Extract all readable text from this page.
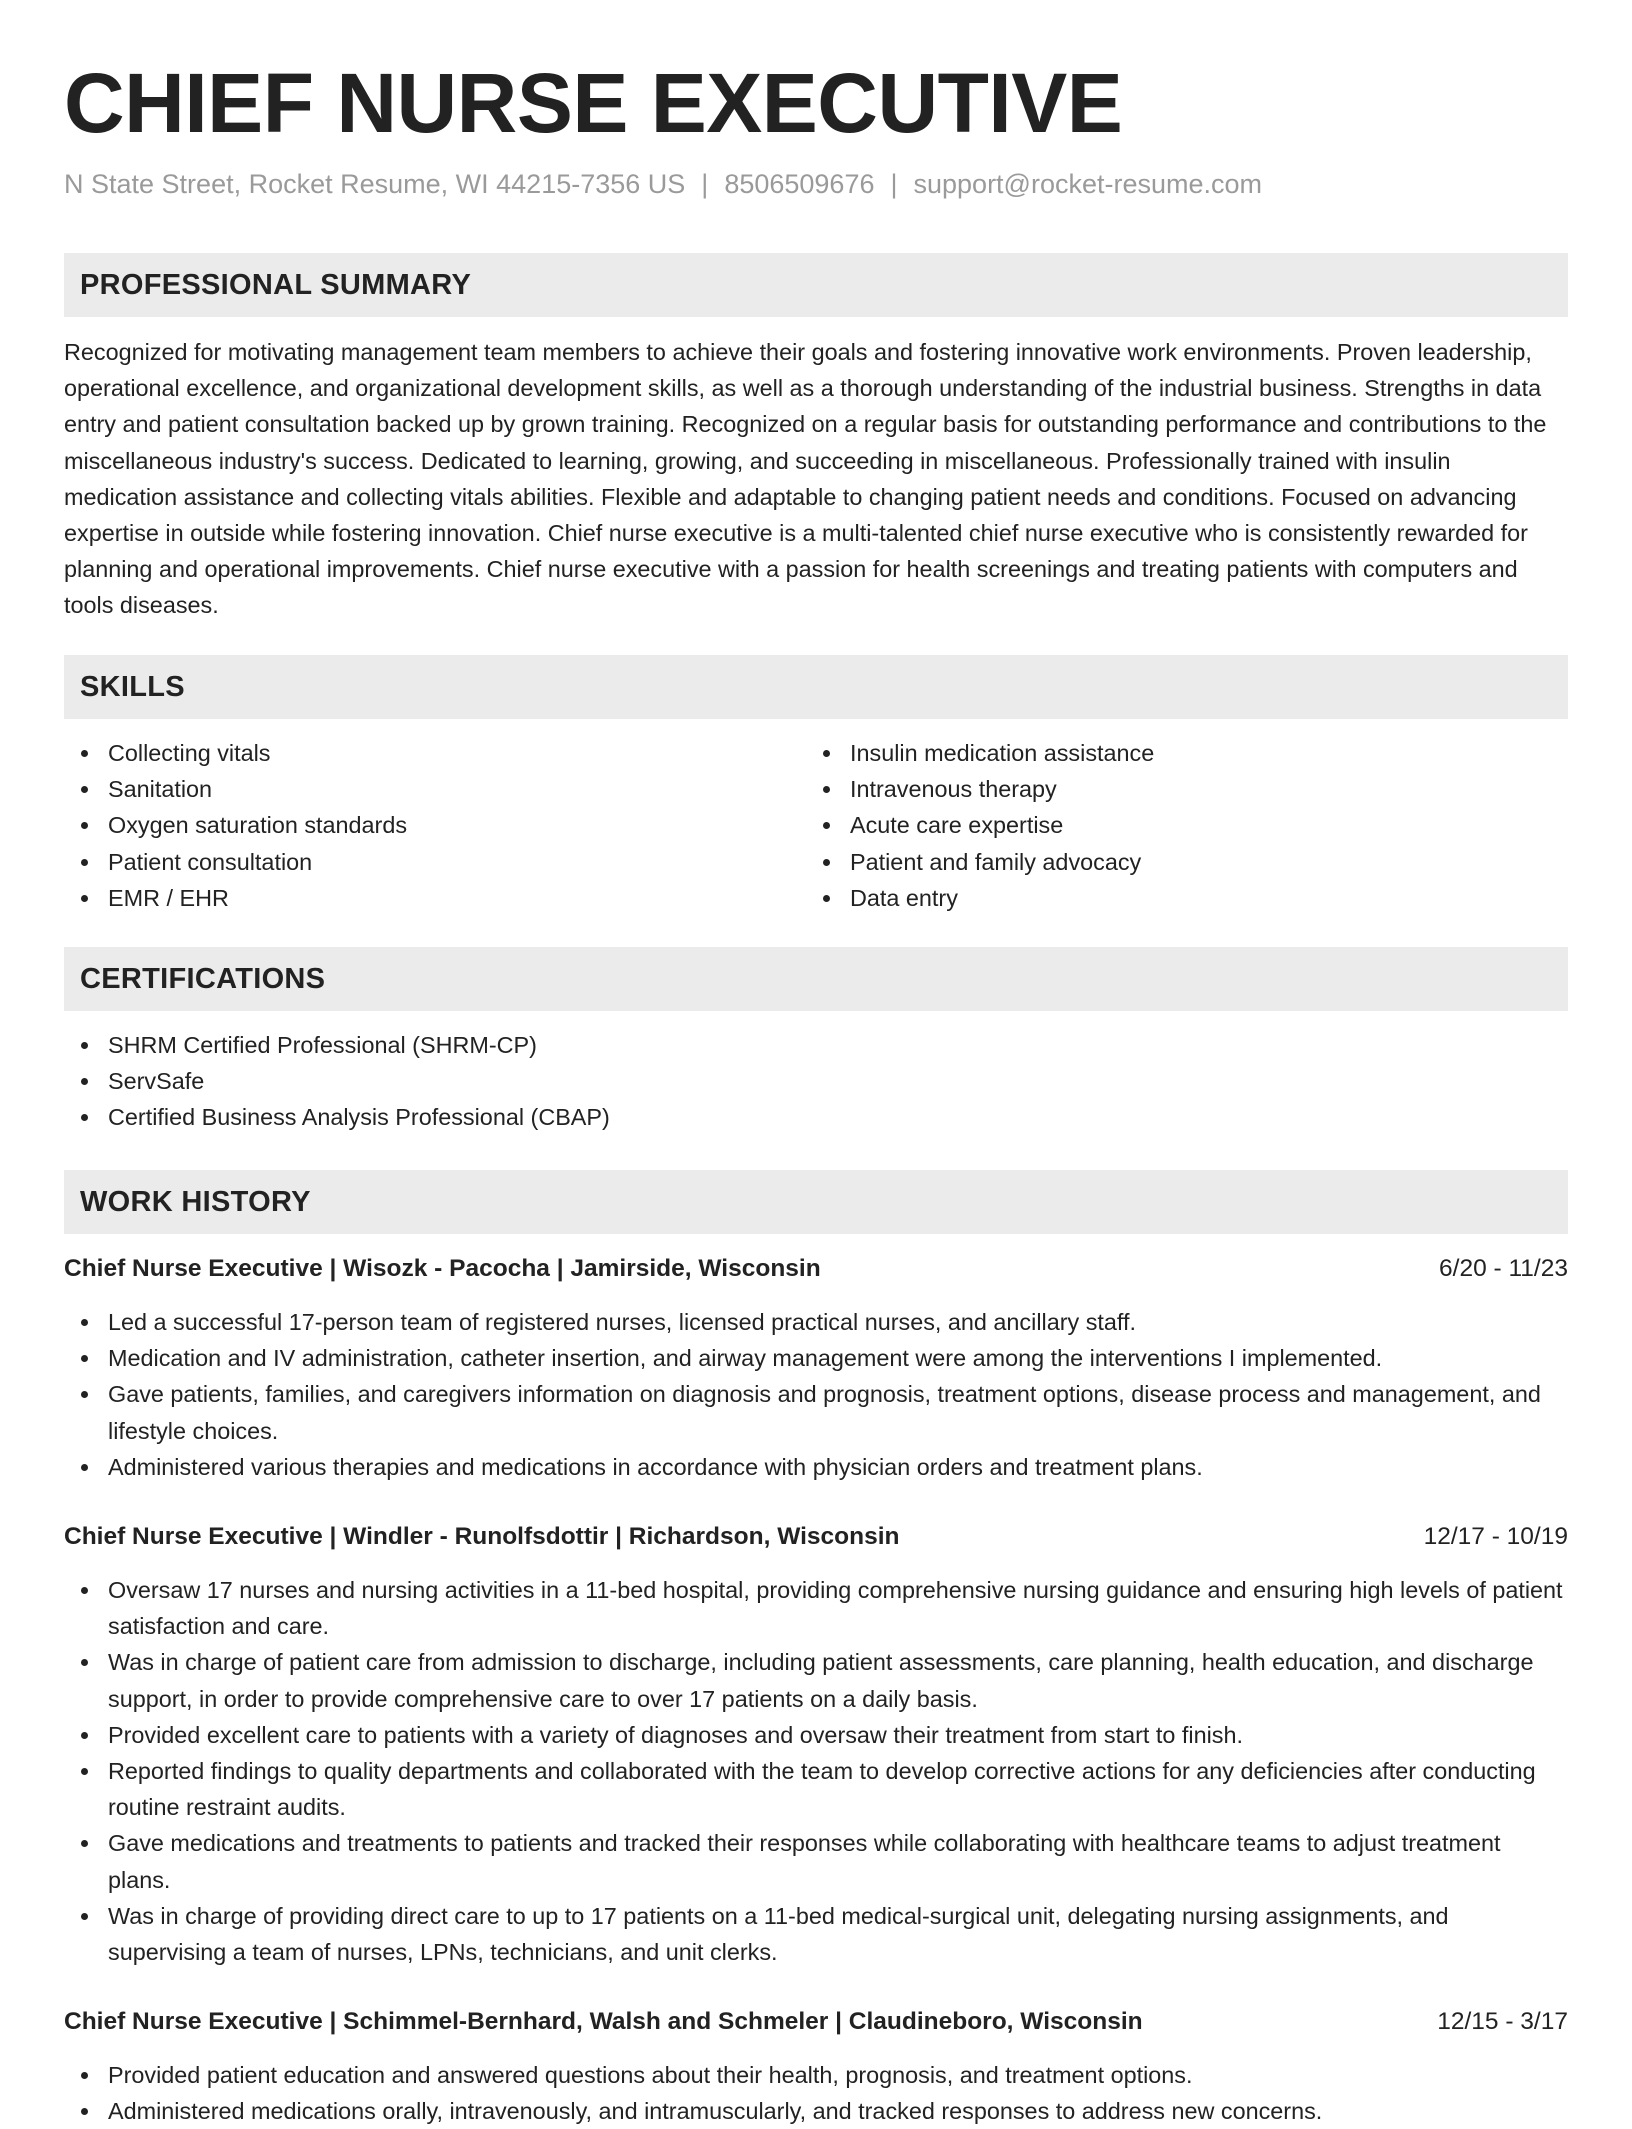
CHIEF NURSE EXECUTIVE
N State Street, Rocket Resume, WI 44215-7356 US | 8506509676 | support@rocket-resume.com
PROFESSIONAL SUMMARY
Recognized for motivating management team members to achieve their goals and fostering innovative work environments. Proven leadership, operational excellence, and organizational development skills, as well as a thorough understanding of the industrial business. Strengths in data entry and patient consultation backed up by grown training. Recognized on a regular basis for outstanding performance and contributions to the miscellaneous industry's success. Dedicated to learning, growing, and succeeding in miscellaneous. Professionally trained with insulin medication assistance and collecting vitals abilities. Flexible and adaptable to changing patient needs and conditions. Focused on advancing expertise in outside while fostering innovation. Chief nurse executive is a multi-talented chief nurse executive who is consistently rewarded for planning and operational improvements. Chief nurse executive with a passion for health screenings and treating patients with computers and tools diseases.
SKILLS
Collecting vitals
Sanitation
Oxygen saturation standards
Patient consultation
EMR / EHR
Insulin medication assistance
Intravenous therapy
Acute care expertise
Patient and family advocacy
Data entry
CERTIFICATIONS
SHRM Certified Professional (SHRM-CP)
ServSafe
Certified Business Analysis Professional (CBAP)
WORK HISTORY
Chief Nurse Executive | Wisozk - Pacocha | Jamirside, Wisconsin	6/20 - 11/23
Led a successful 17-person team of registered nurses, licensed practical nurses, and ancillary staff.
Medication and IV administration, catheter insertion, and airway management were among the interventions I implemented.
Gave patients, families, and caregivers information on diagnosis and prognosis, treatment options, disease process and management, and lifestyle choices.
Administered various therapies and medications in accordance with physician orders and treatment plans.
Chief Nurse Executive | Windler - Runolfsdottir | Richardson, Wisconsin	12/17 - 10/19
Oversaw 17 nurses and nursing activities in a 11-bed hospital, providing comprehensive nursing guidance and ensuring high levels of patient satisfaction and care.
Was in charge of patient care from admission to discharge, including patient assessments, care planning, health education, and discharge support, in order to provide comprehensive care to over 17 patients on a daily basis.
Provided excellent care to patients with a variety of diagnoses and oversaw their treatment from start to finish.
Reported findings to quality departments and collaborated with the team to develop corrective actions for any deficiencies after conducting routine restraint audits.
Gave medications and treatments to patients and tracked their responses while collaborating with healthcare teams to adjust treatment plans.
Was in charge of providing direct care to up to 17 patients on a 11-bed medical-surgical unit, delegating nursing assignments, and supervising a team of nurses, LPNs, technicians, and unit clerks.
Chief Nurse Executive | Schimmel-Bernhard, Walsh and Schmeler | Claudineboro, Wisconsin	12/15 - 3/17
Provided patient education and answered questions about their health, prognosis, and treatment options.
Administered medications orally, intravenously, and intramuscularly, and tracked responses to address new concerns.
